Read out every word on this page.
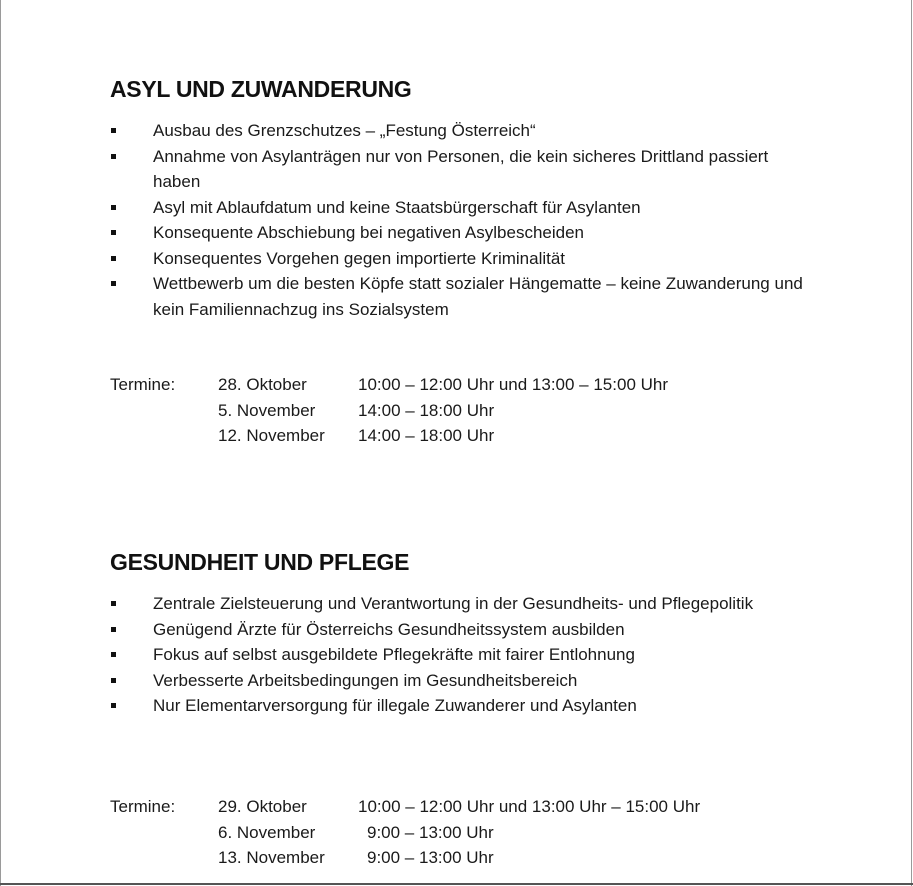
ASYL UND ZUWANDERUNG
Ausbau des Grenzschutzes – „Festung Österreich“
Annahme von Asylanträgen nur von Personen, die kein sicheres Drittland passiert haben
Asyl mit Ablaufdatum und keine Staatsbürgerschaft für Asylanten
Konsequente Abschiebung bei negativen Asylbescheiden
Konsequentes Vorgehen gegen importierte Kriminalität
Wettbewerb um die besten Köpfe statt sozialer Hängematte – keine Zuwanderung und kein Familiennachzug ins Sozialsystem
Termine:	28. Oktober	10:00 – 12:00 Uhr und 13:00 – 15:00 Uhr
5. November	14:00 – 18:00 Uhr
12. November	14:00 – 18:00 Uhr
GESUNDHEIT UND PFLEGE
Zentrale Zielsteuerung und Verantwortung in der Gesundheits- und Pflegepolitik
Genügend Ärzte für Österreichs Gesundheitssystem ausbilden
Fokus auf selbst ausgebildete Pflegekräfte mit fairer Entlohnung
Verbesserte Arbeitsbedingungen im Gesundheitsbereich
Nur Elementarversorgung für illegale Zuwanderer und Asylanten
Termine:	29. Oktober	10:00 – 12:00 Uhr und 13:00 Uhr – 15:00 Uhr
6. November	9:00 – 13:00 Uhr
13. November	9:00 – 13:00 Uhr
